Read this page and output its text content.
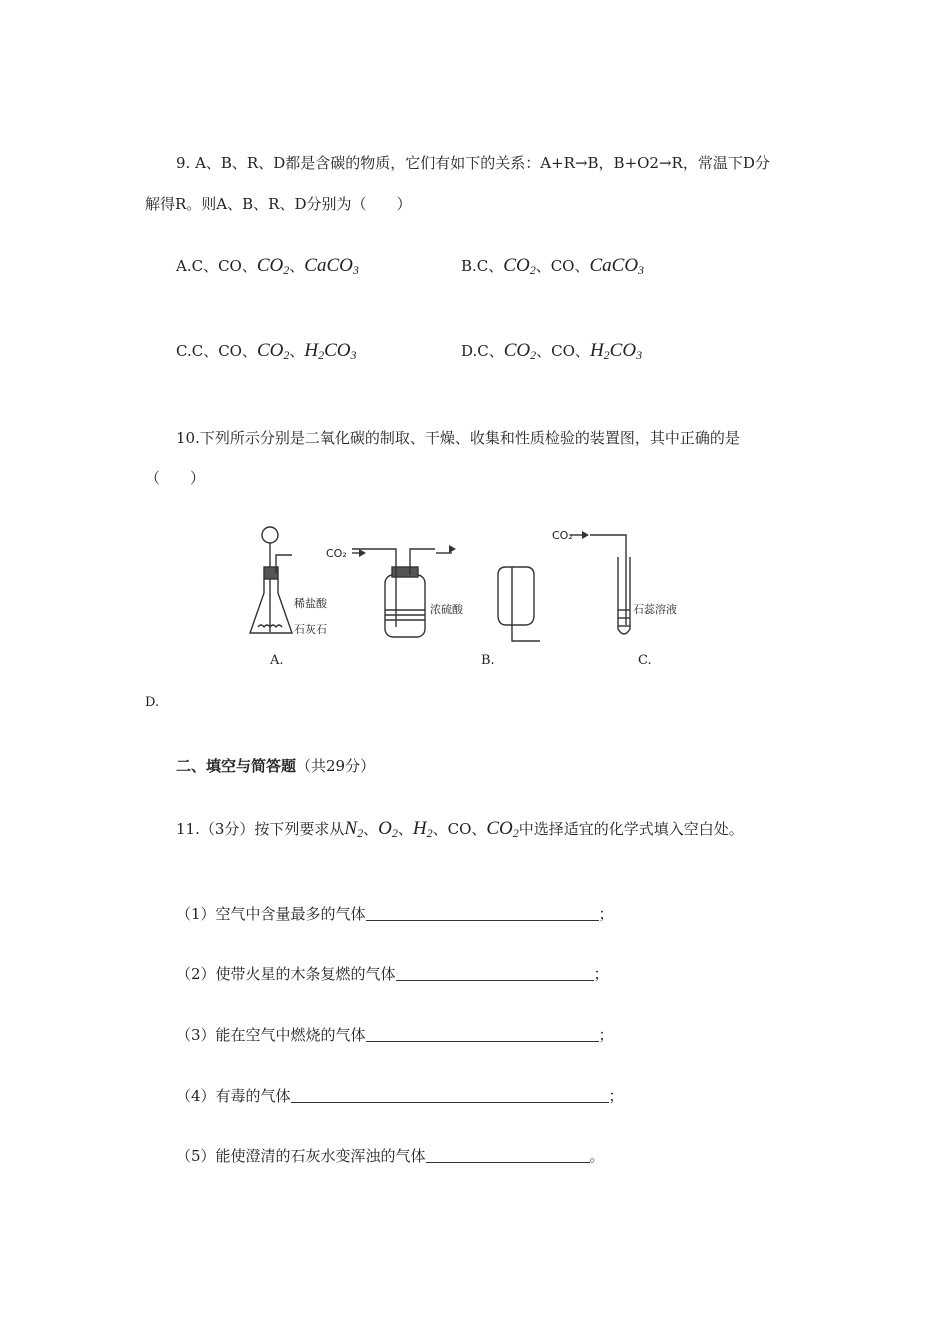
9. A、B、R、D都是含碳的物质，它们有如下的关系：A+R→B，B+O2→R，常温下D分
解得R。则A、B、R、D分别为（　　）
A.C、CO、$CO_2$、CaCO$_3$	B.C、$CO_2$、CO、CaCO$_3$
C.C、CO、$CO_2$、$H_2CO_3$	D.C、$CO_2$、CO、$H_2CO_3$
10.下列所示分别是二氧化碳的制取、干燥、收集和性质检验的装置图，其中正确的是
（　　）
稀盐酸
石灰石
CO₂
浓硫酸
CO₂
石蕊溶液
A.	B.	C.
D.
二、填空与简答题（共29分）
11.（3分）按下列要求从$N_2$、$O_2$、$H_2$、CO、$CO_2$中选择适宜的化学式填入空白处。
（1）空气中含量最多的气体	；
（2）使带火星的木条复燃的气体	；
（3）能在空气中燃烧的气体	；
（4）有毒的气体	；
（5）能使澄清的石灰水变浑浊的气体	。
